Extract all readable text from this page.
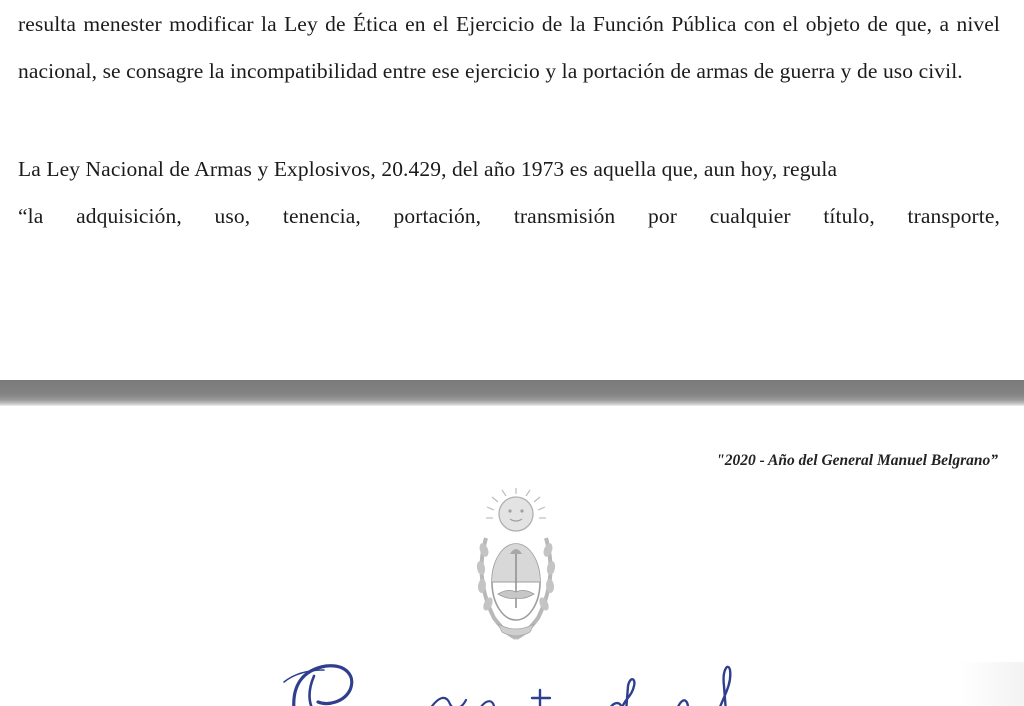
resulta menester modificar la Ley de Ética en el Ejercicio de la Función Pública con el objeto de que, a nivel nacional, se consagre la incompatibilidad entre ese ejercicio y la portación de armas de guerra y de uso civil.
La Ley Nacional de Armas y Explosivos, 20.429, del año 1973 es aquella que, aun hoy, regula

“la adquisición, uso, tenencia, portación, transmisión por cualquier título, transporte,
"2020 - Año del General Manuel Belgrano”
